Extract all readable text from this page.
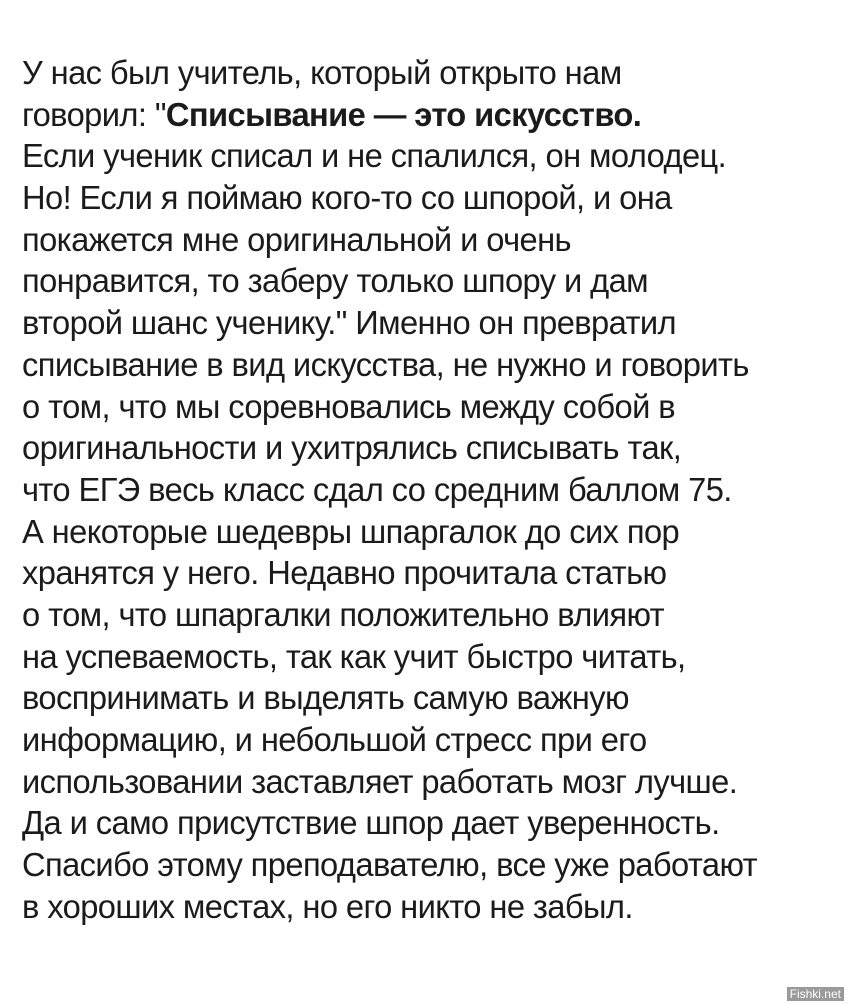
У нас был учитель, который открыто нам
говорил: "Списывание — это искусство.
Если ученик списал и не спалился, он молодец.
Но! Если я поймаю кого-то со шпорой, и она
покажется мне оригинальной и очень
понравится, то заберу только шпору и дам
второй шанс ученику." Именно он превратил
списывание в вид искусства, не нужно и говорить
о том, что мы соревновались между собой в
оригинальности и ухитрялись списывать так,
что ЕГЭ весь класс сдал со средним баллом 75.
А некоторые шедевры шпаргалок до сих пор
хранятся у него. Недавно прочитала статью
о том, что шпаргалки положительно влияют
на успеваемость, так как учит быстро читать,
воспринимать и выделять самую важную
информацию, и небольшой стресс при его
использовании заставляет работать мозг лучше.
Да и само присутствие шпор дает уверенность.
Спасибо этому преподавателю, все уже работают
в хороших местах, но его никто не забыл.
Fishki.net
